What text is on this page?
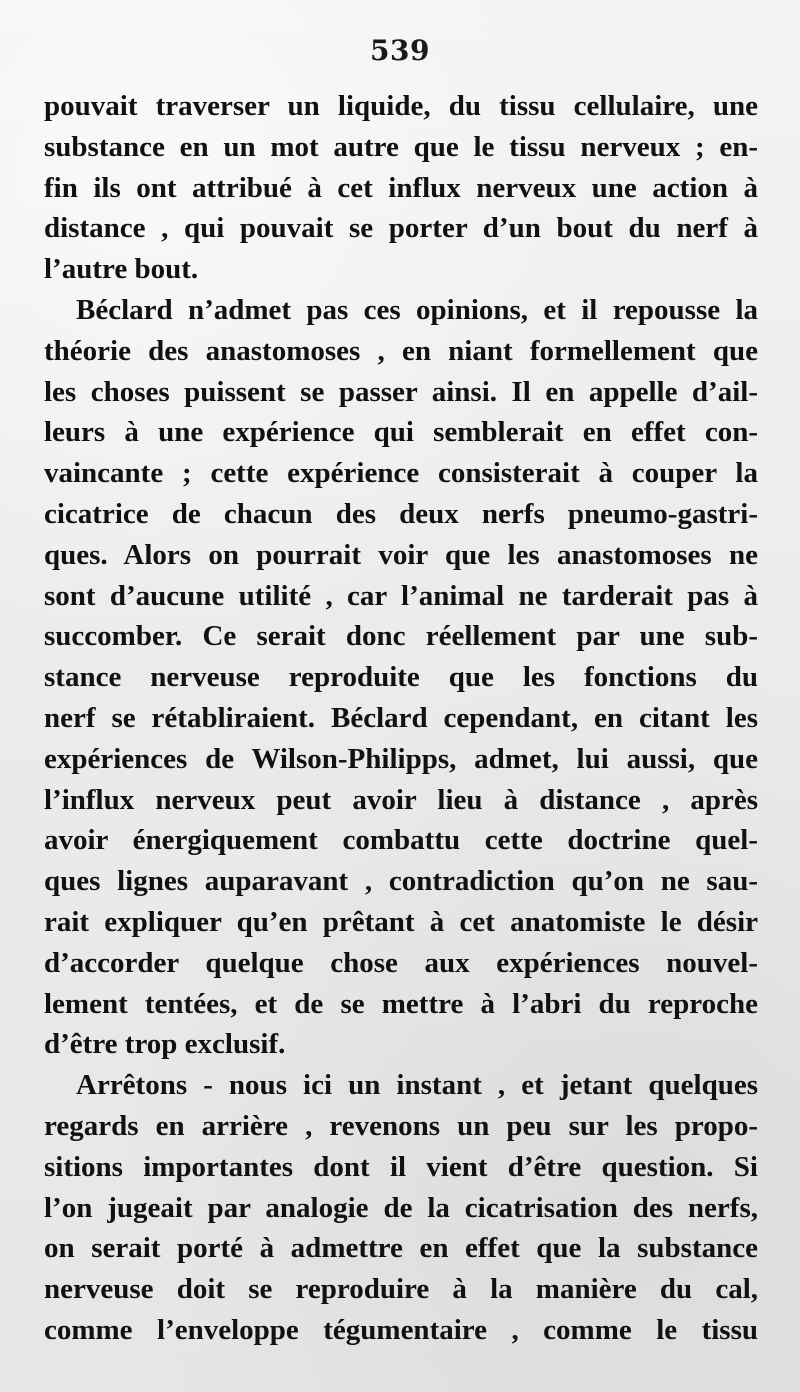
539
pouvait traverser un liquide, du tissu cellulaire, une
substance en un mot autre que le tissu nerveux ; en-
fin ils ont attribué à cet influx nerveux une action à
distance , qui pouvait se porter d’un bout du nerf à
l’autre bout.
Béclard n’admet pas ces opinions, et il repousse la
théorie des anastomoses , en niant formellement que
les choses puissent se passer ainsi. Il en appelle d’ail-
leurs à une expérience qui semblerait en effet con-
vaincante ; cette expérience consisterait à couper la
cicatrice de chacun des deux nerfs pneumo-gastri-
ques. Alors on pourrait voir que les anastomoses ne
sont d’aucune utilité , car l’animal ne tarderait pas à
succomber. Ce serait donc réellement par une sub-
stance nerveuse reproduite que les fonctions du
nerf se rétabliraient. Béclard cependant, en citant les
expériences de Wilson-Philipps, admet, lui aussi, que
l’influx nerveux peut avoir lieu à distance , après
avoir énergiquement combattu cette doctrine quel-
ques lignes auparavant , contradiction qu’on ne sau-
rait expliquer qu’en prêtant à cet anatomiste le désir
d’accorder quelque chose aux expériences nouvel-
lement tentées, et de se mettre à l’abri du reproche
d’être trop exclusif.
Arrêtons - nous ici un instant , et jetant quelques
regards en arrière , revenons un peu sur les propo-
sitions importantes dont il vient d’être question. Si
l’on jugeait par analogie de la cicatrisation des nerfs,
on serait porté à admettre en effet que la substance
nerveuse doit se reproduire à la manière du cal,
comme l’enveloppe tégumentaire , comme le tissu
